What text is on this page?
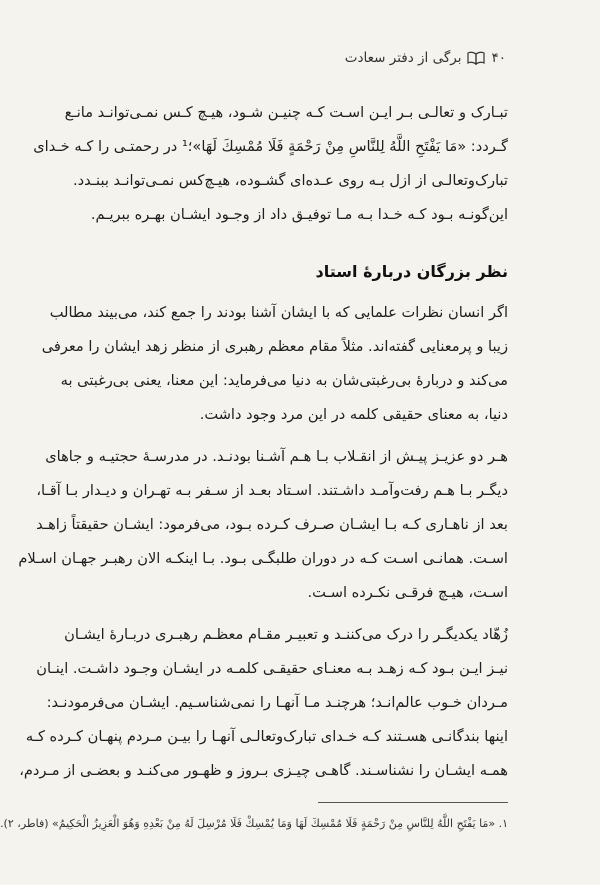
۴۰
برگی از دفتر سعادت
تبـارک و تعالـی بـر ایـن اسـت کـه چنیـن شـود، هیـچ کـس نمـی‌توانـد مانـع
گـردد: «مَا يَفْتَحِ اللَّهُ لِلنَّاسِ مِنْ رَحْمَةٍ فَلَا مُمْسِكَ لَهَا»؛¹ در رحمتـی را کـه خـدای
تبارک‌وتعالـی از ازل بـه روی عـده‌ای گشـوده، هیـچ‌کس نمـی‌توانـد ببنـدد.
این‌گونـه بـود کـه خـدا بـه مـا توفیـق داد از وجـود ایشـان بهـره ببریـم.
نظر بزرگان دربارهٔ استاد
اگر انسان نظرات علمایی که با ایشان آشنا بودند را جمع کند، می‌بیند مطالب
زیبا و پرمعنایی گفته‌اند. مثلاً مقام معظم رهبری از منظر زهد ایشان را معرفی
می‌کند و دربارهٔ بی‌رغبتی‌شان به دنیا می‌فرماید: این معنا، یعنی بی‌رغبتی به
دنیا، به معنای حقیقی کلمه در این مرد وجود داشت.
هـر دو عزیـز پیـش از انقـلاب بـا هـم آشـنا بودنـد. در مدرسـهٔ حجتیـه و جاهای
دیگـر بـا هـم رفت‌وآمـد داشـتند. اسـتاد بعـد از سـفر بـه تهـران و دیـدار بـا آقـا،
بعد از ناهـاری کـه بـا ایشـان صـرف کـرده بـود، می‌فرمود: ایشـان حقیقتاً زاهـد
اسـت. همانـی اسـت کـه در دوران طلبگـی بـود. بـا اینکـه الان رهبـر جهـان اسـلام
اسـت، هیـچ فرقـی نکـرده اسـت.
زُهّاد یکدیگـر را درک می‌کننـد و تعبیـر مقـام معظـم رهبـری دربـارهٔ ایشـان
نیـز ایـن بـود کـه زهـد بـه معنـای حقیقـی کلمـه در ایشـان وجـود داشـت. اینـان
مـردان خـوب عالم‌انـد؛ هرچنـد مـا آنهـا را نمی‌شناسـیم. ایشـان می‌فرمودنـد:
اینها بندگانـی هسـتند کـه خـدای تبارک‌وتعالـی آنهـا را بیـن مـردم پنهـان کـرده کـه
همـه ایشـان را نشناسـند. گاهـی چیـزی بـروز و ظهـور می‌کنـد و بعضـی از مـردم،
۱. «مَا يَفْتَحِ اللَّهُ لِلنَّاسِ مِنْ رَحْمَةٍ فَلَا مُمْسِكَ لَهَا وَمَا يُمْسِكْ فَلَا مُرْسِلَ لَهُ مِنْ بَعْدِهِ وَهُوَ الْعَزِيزُ الْحَكِيمُ» (فاطر، ۲).
